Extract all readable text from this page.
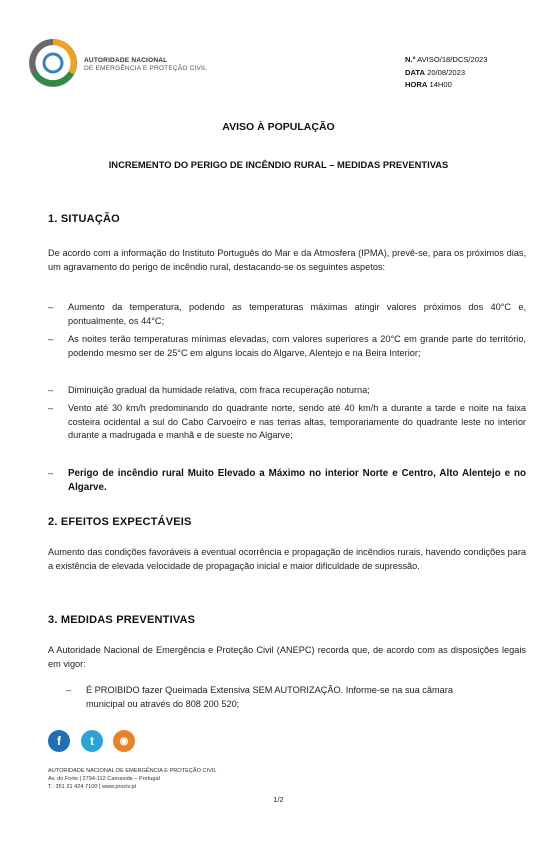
AUTORIDADE NACIONAL
DE EMERGÊNCIA E PROTEÇÃO CIVIL
N.º AVISO/18/DCS/2023
DATA 20/08/2023
HORA 14H00
AVISO À POPULAÇÃO
INCREMENTO DO PERIGO DE INCÊNDIO RURAL – MEDIDAS PREVENTIVAS
1. SITUAÇÃO
De acordo com a informação do Instituto Português do Mar e da Atmosfera (IPMA), prevê-se, para os próximos dias, um agravamento do perigo de incêndio rural, destacando-se os seguintes aspetos:
– Aumento da temperatura, podendo as temperaturas máximas atingir valores próximos dos 40°C e, pontualmente, os 44°C;
– As noites terão temperaturas mínimas elevadas, com valores superiores a 20°C em grande parte do território, podendo mesmo ser de 25°C em alguns locais do Algarve, Alentejo e na Beira Interior;
– Diminuição gradual da humidade relativa, com fraca recuperação noturna;
– Vento até 30 km/h predominando do quadrante norte, sendo até 40 km/h a durante a tarde e noite na faixa costeira ocidental a sul do Cabo Carvoeiro e nas terras altas, temporariamente do quadrante leste no interior durante a madrugada e manhã e de sueste no Algarve;
– Perigo de incêndio rural Muito Elevado a Máximo no interior Norte e Centro, Alto Alentejo e no Algarve.
2. EFEITOS EXPECTÁVEIS
Aumento das condições favoráveis à eventual ocorrência e propagação de incêndios rurais, havendo condições para a existência de elevada velocidade de propagação inicial e maior dificuldade de supressão.
3. MEDIDAS PREVENTIVAS
A Autoridade Nacional de Emergência e Proteção Civil (ANEPC) recorda que, de acordo com as disposições legais em vigor:
– É PROIBIDO fazer Queimada Extensiva SEM AUTORIZAÇÃO. Informe-se na sua câmara municipal ou através do 808 200 520;
f	t	◉
AUTORIDADE NACIONAL DE EMERGÊNCIA E PROTEÇÃO CIVIL
Av. do Forte | 2794-112 Carnaxide – Portugal
T.: 351 21 424 7100 | www.prociv.pt
1/2
